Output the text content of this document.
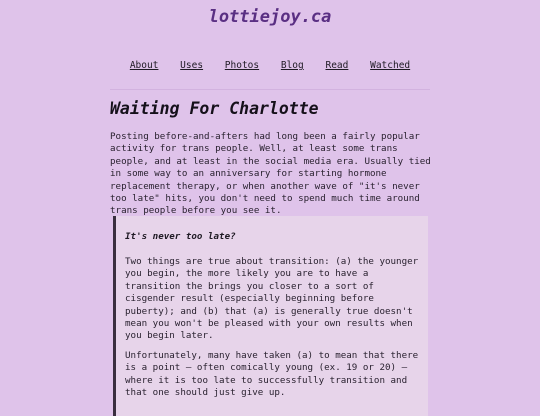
lottiejoy.ca
About Uses Photos Blog Read Watched
Waiting For Charlotte

Posting before-and-afters had long been a fairly popular activity for trans people. Well, at least some trans people, and at least in the social media era. Usually tied in some way to an anniversary for starting hormone replacement therapy, or when another wave of "it's never too late" hits, you don't need to spend much time around trans people before you see it.

It's never too late?

Two things are true about transition: (a) the younger you begin, the more likely you are to have a transition the brings you closer to a sort of cisgender result (especially beginning before puberty); and (b) that (a) is generally true doesn't mean you won't be pleased with your own results when you begin later.

Unfortunately, many have taken (a) to mean that there is a point – often comically young (ex. 19 or 20) – where it is too late to successfully transition and that one should just give up.
